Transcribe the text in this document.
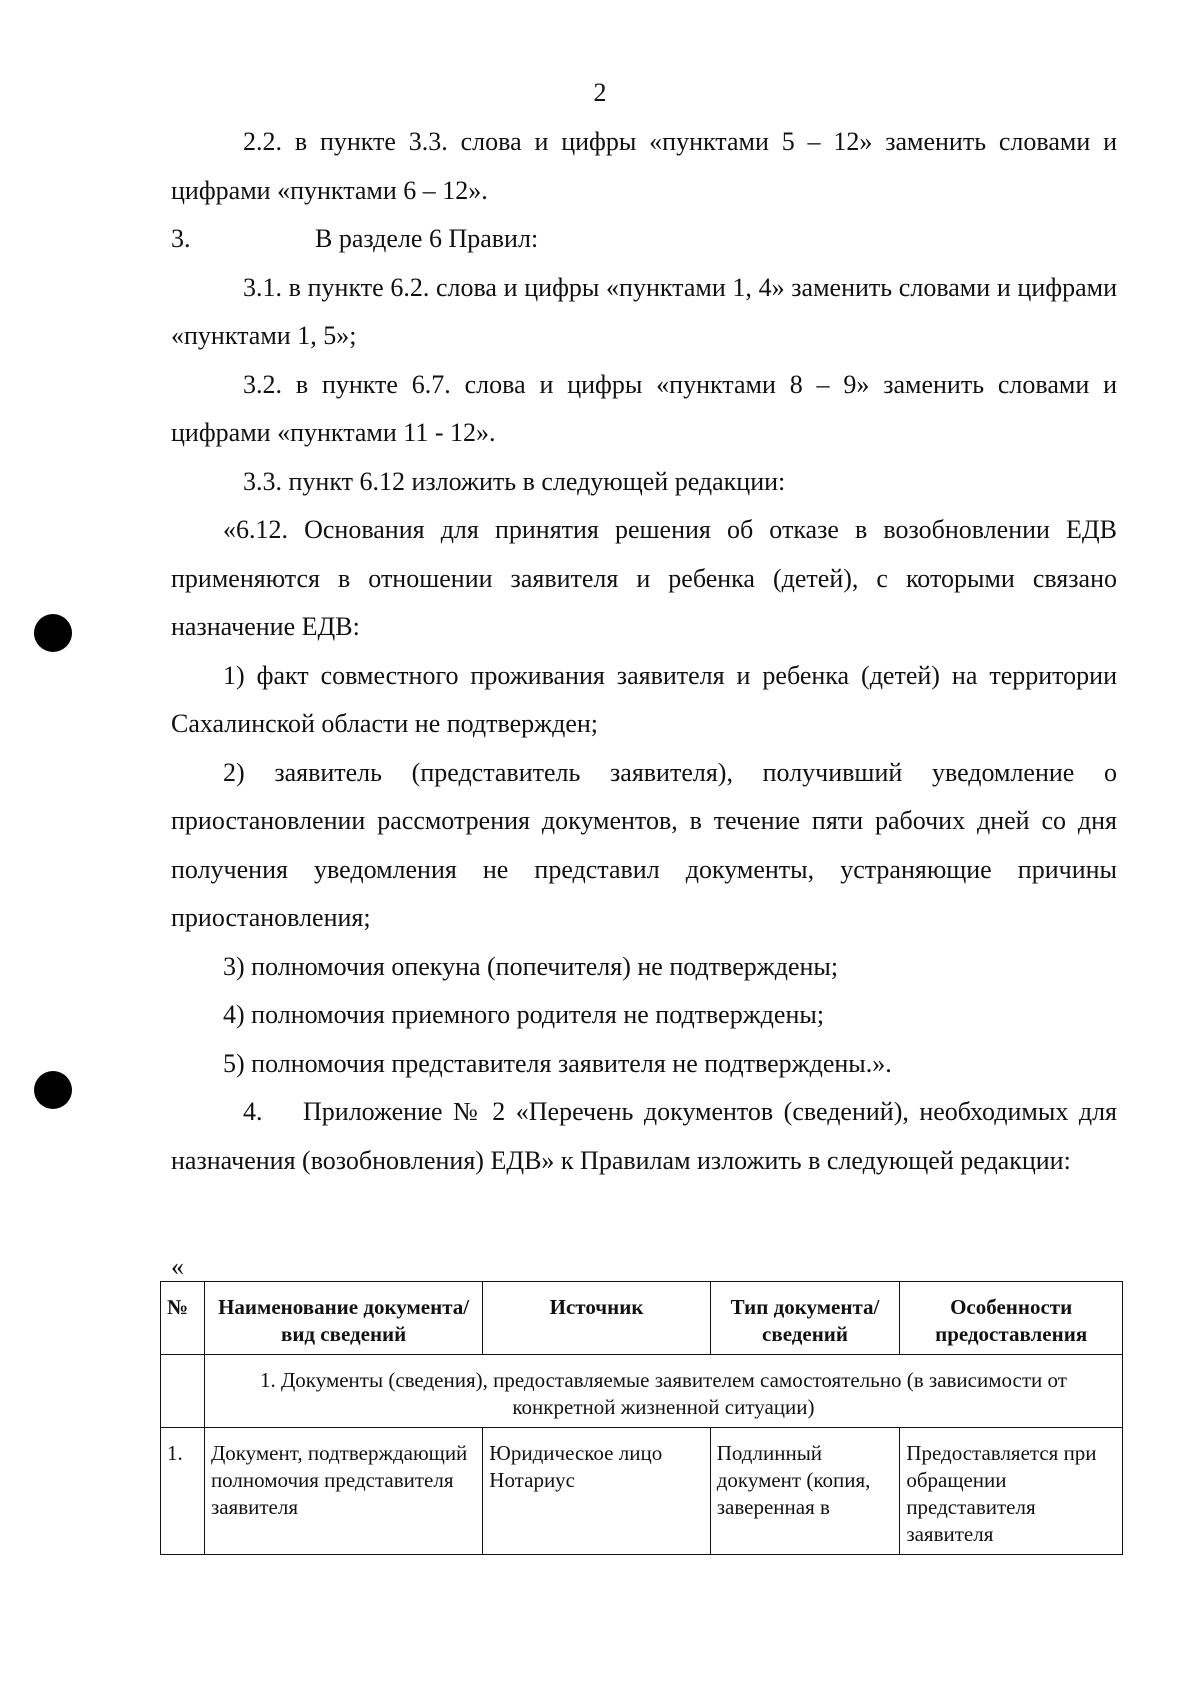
2

2.2. в пункте 3.3. слова и цифры «пунктами 5 – 12» заменить словами и цифрами «пунктами 6 – 12».

3.	В разделе 6 Правил:

3.1. в пункте 6.2. слова и цифры «пунктами 1, 4» заменить словами и цифрами «пунктами 1, 5»;

3.2. в пункте 6.7. слова и цифры «пунктами 8 – 9» заменить словами и цифрами «пунктами 11 - 12».

3.3. пункт 6.12 изложить в следующей редакции:

«6.12. Основания для принятия решения об отказе в возобновлении ЕДВ применяются в отношении заявителя и ребенка (детей), с которыми связано назначение ЕДВ:

1) факт совместного проживания заявителя и ребенка (детей) на территории Сахалинской области не подтвержден;

2) заявитель (представитель заявителя), получивший уведомление о приостановлении рассмотрения документов, в течение пяти рабочих дней со дня получения уведомления не представил документы, устраняющие причины приостановления;

3) полномочия опекуна (попечителя) не подтверждены;

4) полномочия приемного родителя не подтверждены;

5) полномочия представителя заявителя не подтверждены.».

4. Приложение № 2 «Перечень документов (сведений), необходимых для назначения (возобновления) ЕДВ» к Правилам изложить в следующей редакции:

«
№	Наименование документа/вид сведений	Источник	Тип документа/сведений	Особенности предоставления
	1. Документы (сведения), предоставляемые заявителем самостоятельно (в зависимости от конкретной жизненной ситуации)			
1.	Документ, подтверждающий полномочия представителя заявителя	Юридическое лицо Нотариус	Подлинный документ (копия, заверенная в	Предоставляется при обращении представителя заявителя
